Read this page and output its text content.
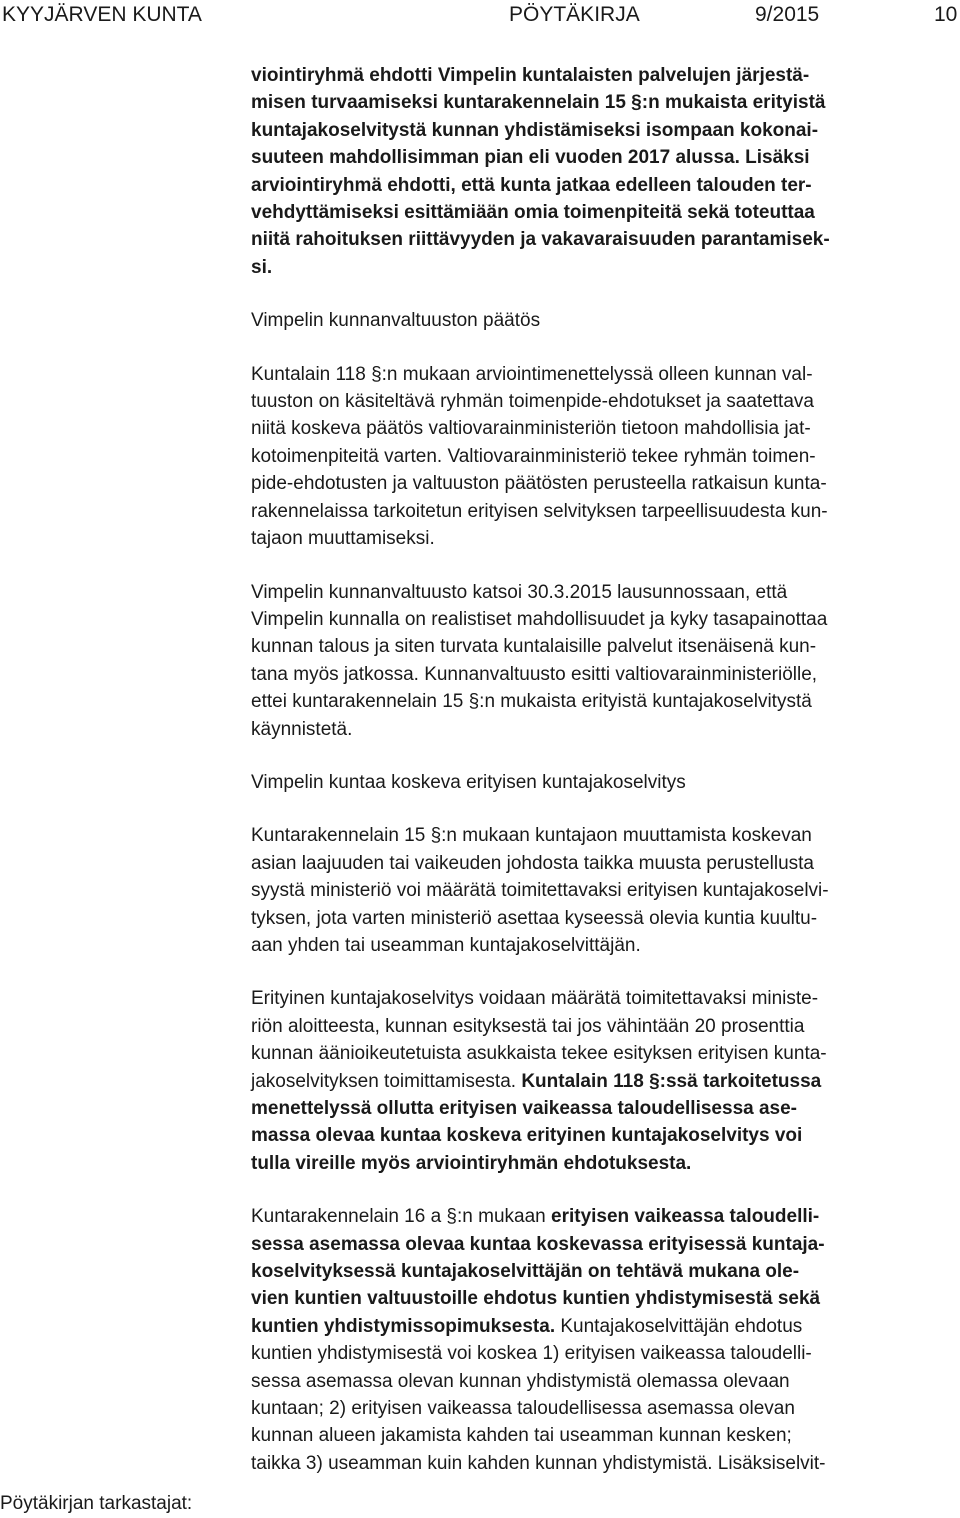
KYYJÄRVEN KUNTA	PÖYTÄKIRJA	9/2015	10
viointiryhmä ehdotti Vimpelin kuntalaisten palvelujen järjestä-
misen turvaamiseksi kuntarakennelain 15 §:n mukaista erityistä
kuntajakoselvitystä kunnan yhdistämiseksi isompaan kokonai-
suuteen mahdollisimman pian eli vuoden 2017 alussa. Lisäksi
arviointiryhmä ehdotti, että kunta jatkaa edelleen talouden ter-
vehdyttämiseksi esittämiään omia toimenpiteitä sekä toteuttaa
niitä rahoituksen riittävyyden ja vakavaraisuuden parantamisek-
si.
Vimpelin kunnanvaltuuston päätös
Kuntalain 118 §:n mukaan arviointimenettelyssä olleen kunnan val-
tuuston on käsiteltävä ryhmän toimenpide-ehdotukset ja saatettava
niitä koskeva päätös valtiovarainministeriön tietoon mahdollisia jat-
kotoimenpiteitä varten. Valtiovarainministeriö tekee ryhmän toimen-
pide-ehdotusten ja valtuuston päätösten perusteella ratkaisun kunta-
rakennelaissa tarkoitetun erityisen selvityksen tarpeellisuudesta kun-
tajaon muuttamiseksi.
Vimpelin kunnanvaltuusto katsoi 30.3.2015 lausunnossaan, että
Vimpelin kunnalla on realistiset mahdollisuudet ja kyky tasapainottaa
kunnan talous ja siten turvata kuntalaisille palvelut itsenäisenä kun-
tana myös jatkossa. Kunnanvaltuusto esitti valtiovarainministeriölle,
ettei kuntarakennelain 15 §:n mukaista erityistä kuntajakoselvitystä
käynnistetä.
Vimpelin kuntaa koskeva erityisen kuntajakoselvitys
Kuntarakennelain 15 §:n mukaan kuntajaon muuttamista koskevan
asian laajuuden tai vaikeuden johdosta taikka muusta perustellusta
syystä ministeriö voi määrätä toimitettavaksi erityisen kuntajakoselvi-
tyksen, jota varten ministeriö asettaa kyseessä olevia kuntia kuultu-
aan yhden tai useamman kuntajakoselvittäjän.
Erityinen kuntajakoselvitys voidaan määrätä toimitettavaksi ministe-
riön aloitteesta, kunnan esityksestä tai jos vähintään 20 prosenttia
kunnan äänioikeutetuista asukkaista tekee esityksen erityisen kunta-
jakoselvityksen toimittamisesta. Kuntalain 118 §:ssä tarkoitetussa
menettelyssä ollutta erityisen vaikeassa taloudellisessa ase-
massa olevaa kuntaa koskeva erityinen kuntajakoselvitys voi
tulla vireille myös arviointiryhmän ehdotuksesta.
Kuntarakennelain 16 a §:n mukaan erityisen vaikeassa taloudelli-
sessa asemassa olevaa kuntaa koskevassa erityisessä kuntaja-
koselvityksessä kuntajakoselvittäjän on tehtävä mukana ole-
vien kuntien valtuustoille ehdotus kuntien yhdistymisestä sekä
kuntien yhdistymissopimuksesta. Kuntajakoselvittäjän ehdotus
kuntien yhdistymisestä voi koskea 1) erityisen vaikeassa taloudelli-
sessa asemassa olevan kunnan yhdistymistä olemassa olevaan
kuntaan; 2) erityisen vaikeassa taloudellisessa asemassa olevan
kunnan alueen jakamista kahden tai useamman kunnan kesken;
taikka 3) useamman kuin kahden kunnan yhdistymistä. Lisäksiselvit-
Pöytäkirjan tarkastajat:
